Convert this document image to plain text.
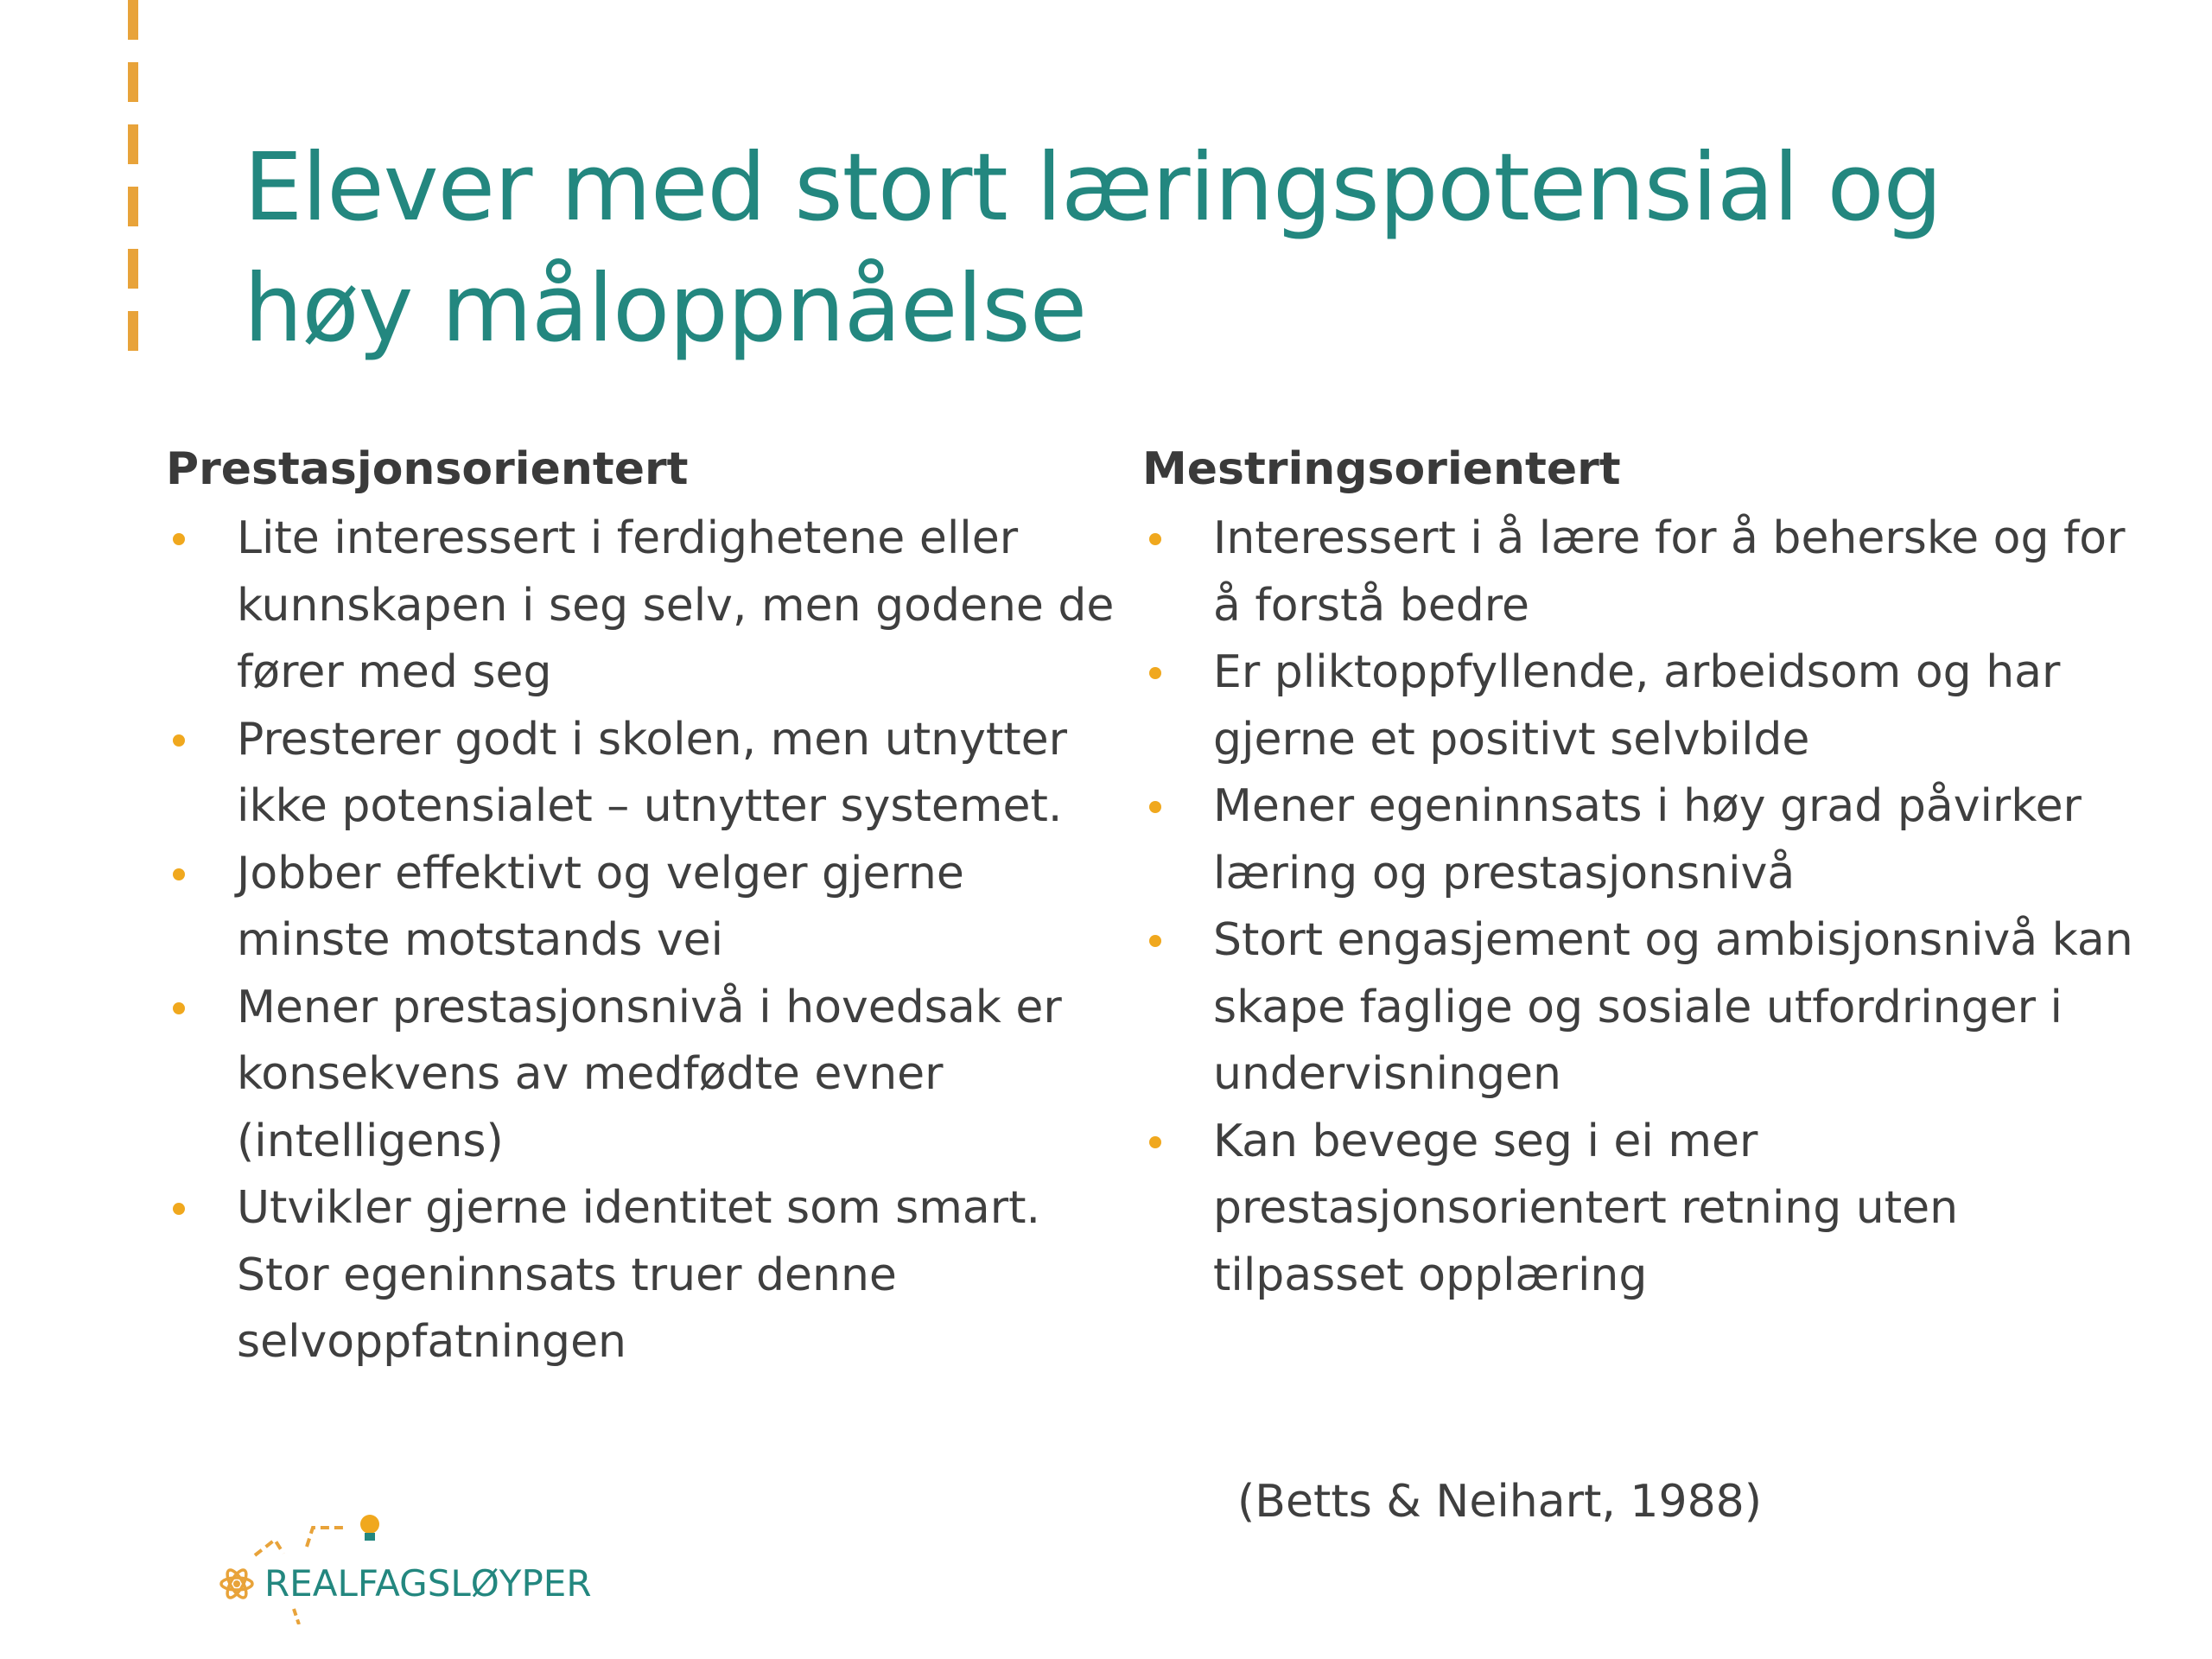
Elever med stort læringspotensial og høy måloppnåelse
Prestasjonsorientert
Lite interessert i ferdighetene eller kunnskapen i seg selv, men godene de fører med seg
Presterer godt i skolen, men utnytter ikke potensialet – utnytter systemet.
Jobber effektivt og velger gjerne minste motstands vei
Mener prestasjonsnivå i hovedsak er konsekvens av medfødte evner (intelligens)
Utvikler gjerne identitet som smart. Stor egeninnsats truer denne selvoppfatningen
Mestringsorientert
Interessert i å lære for å beherske og for å forstå bedre
Er pliktoppfyllende, arbeidsom og har gjerne et positivt selvbilde
Mener egeninnsats i høy grad påvirker læring og prestasjonsnivå
Stort engasjement og ambisjonsnivå kan skape faglige og sosiale utfordringer i undervisningen
Kan bevege seg i ei mer prestasjonsorientert retning uten tilpasset opplæring

(Betts & Neihart, 1988)

REALFAGSLØYPER
